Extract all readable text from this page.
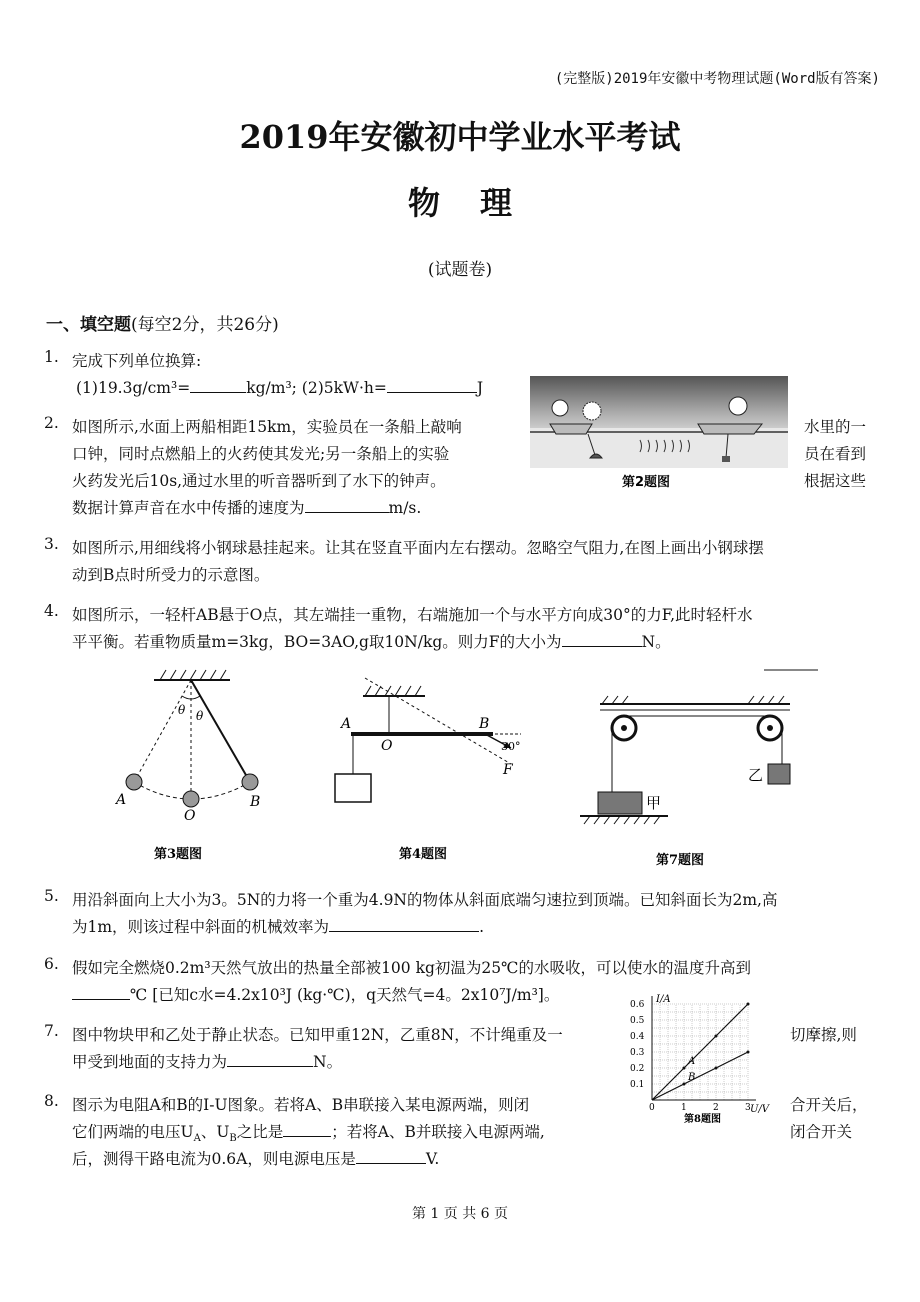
(完整版)2019年安徽中考物理试题(Word版有答案)
2019年安徽初中学业水平考试
物理
(试题卷)
一、填空题(每空2分，共26分)
1. 完成下列单位换算:
(1)19.3g/cm³=	kg/m³; (2)5kW·h=	J
2. 如图所示,水面上两船相距15km，实验员在一条船上敲响
口钟，同时点燃船上的火药使其发光;另一条船上的实验
火药发光后10s,通过水里的听音器听到了水下的钟声。
数据计算声音在水中传播的速度为	m/s.
水里的一
员在看到
根据这些
第2题图
3. 如图所示,用细线将小钢球悬挂起来。让其在竖直平面内左右摆动。忽略空气阻力,在图上画出小钢球摆
动到B点时所受力的示意图。
4. 如图所示，一轻杆AB悬于O点，其左端挂一重物，右端施加一个与水平方向成30°的力F,此时轻杆水
平平衡。若重物质量m=3kg，BO=3AO,g取10N/kg。则力F的大小为	N。
θ θ
A
O
B
第3题图
A
O
B
30°
F
第4题图
甲
乙
第7题图
5. 用沿斜面向上大小为3。5N的力将一个重为4.9N的物体从斜面底端匀速拉到顶端。已知斜面长为2m,高
为1m，则该过程中斜面的机械效率为	.
6. 假如完全燃烧0.2m³天然气放出的热量全部被100 kg初温为25℃的水吸收，可以使水的温度升高到
℃ [已知c水=4.2x10³J (kg·℃)，q天然气=4。2x10⁷J/m³]。
7. 图中物块甲和乙处于静止状态。已知甲重12N，乙重8N，不计绳重及一	切摩擦,则
甲受到地面的支持力为	N。
8. 图示为电阻A和B的I-U图象。若将A、B串联接入某电源两端，则闭	合开关后，
它们两端的电压$U_A$、$U_B$之比是	；若将A、B并联接入电源两端,	闭合开关
后，测得干路电流为0.6A，则电源电压是	V.
A
B
0	1	2	3
0.1
0.2
0.3
0.4
0.5
0.6 I/A
U/V
第8题图
第 1 页 共 6 页
